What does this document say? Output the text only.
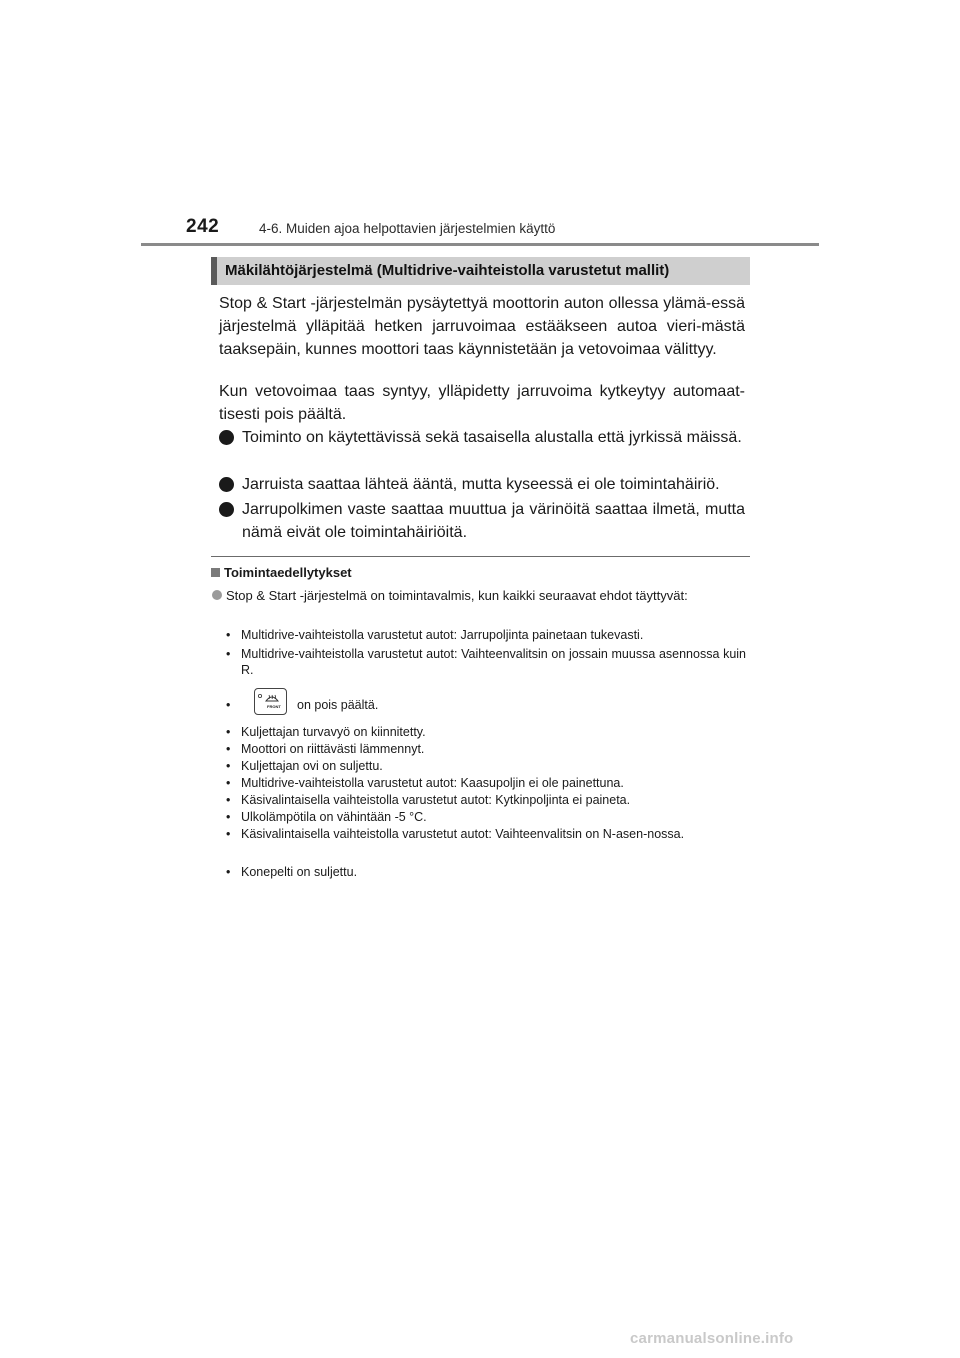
242	4-6. Muiden ajoa helpottavien järjestelmien käyttö
Mäkilähtöjärjestelmä (Multidrive-vaihteistolla varustetut mallit)
Stop & Start -järjestelmän pysäytettyä moottorin auton ollessa ylämä-essä järjestelmä ylläpitää hetken jarruvoimaa estääkseen autoa vieri-mästä taaksepäin, kunnes moottori taas käynnistetään ja vetovoimaa välittyy.
Kun vetovoimaa taas syntyy, ylläpidetty jarruvoima kytkeytyy automaat-tisesti pois päältä.
Toiminto on käytettävissä sekä tasaisella alustalla että jyrkissä mäissä.
Jarruista saattaa lähteä ääntä, mutta kyseessä ei ole toimintahäiriö.
Jarrupolkimen vaste saattaa muuttua ja värinöitä saattaa ilmetä, mutta nämä eivät ole toimintahäiriöitä.
Toimintaedellytykset
Stop & Start -järjestelmä on toimintavalmis, kun kaikki seuraavat ehdot täyttyvät:
• Multidrive-vaihteistolla varustetut autot: Jarrupoljinta painetaan tukevasti.
• Multidrive-vaihteistolla varustetut autot: Vaihteenvalitsin on jossain muussa asennossa kuin R.
•	FRONT on pois päältä.
• Kuljettajan turvavyö on kiinnitetty.
• Moottori on riittävästi lämmennyt.
• Kuljettajan ovi on suljettu.
• Multidrive-vaihteistolla varustetut autot: Kaasupoljin ei ole painettuna.
• Käsivalintaisella vaihteistolla varustetut autot: Kytkinpoljinta ei paineta.
• Ulkolämpötila on vähintään -5 °C.
• Käsivalintaisella vaihteistolla varustetut autot: Vaihteenvalitsin on N-asen-nossa.
• Konepelti on suljettu.
carmanualsonline.info
